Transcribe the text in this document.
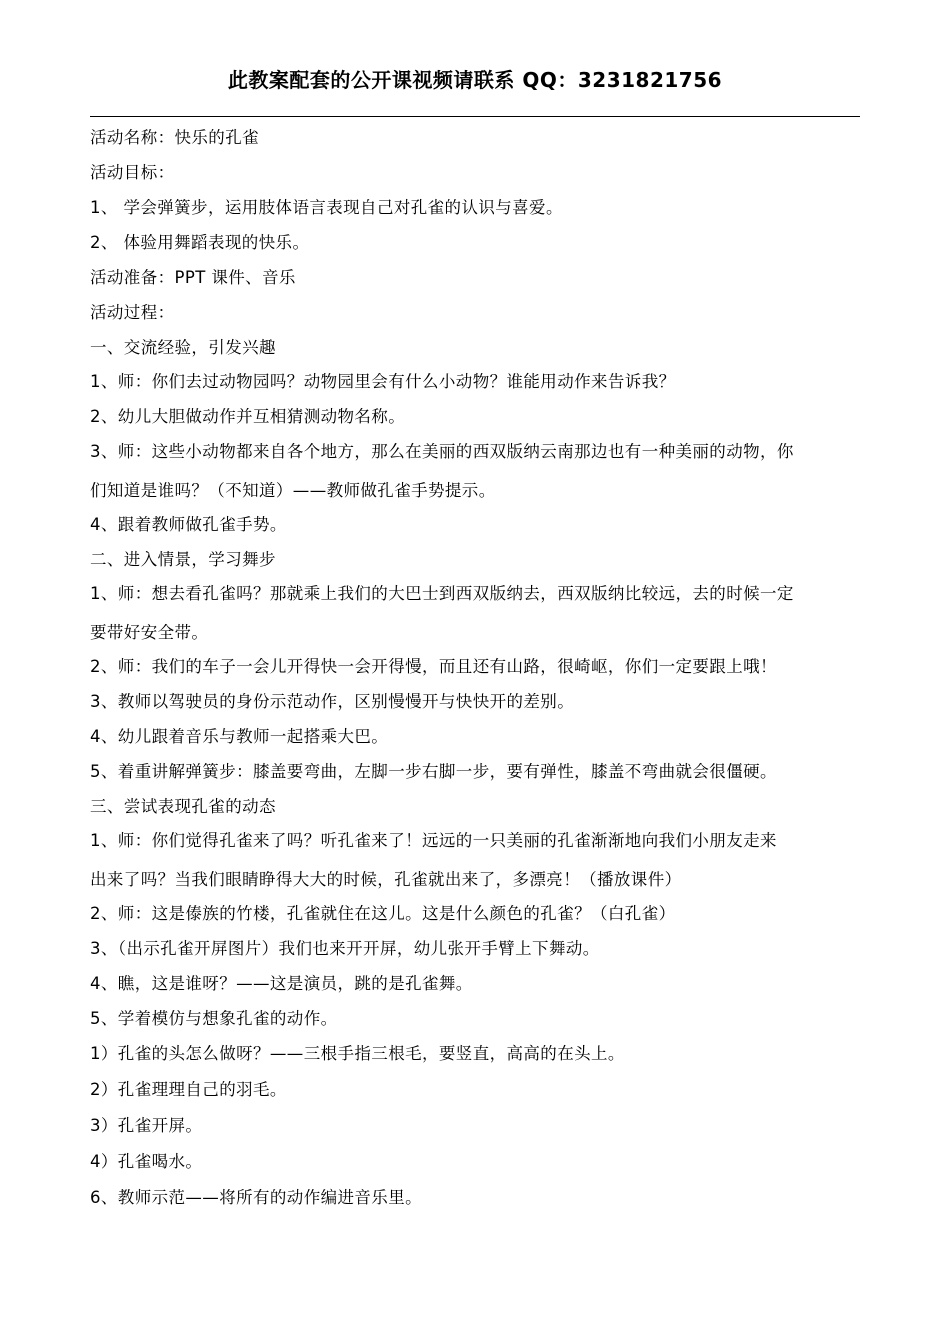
此教案配套的公开课视频请联系 QQ：3231821756
活动名称：快乐的孔雀
活动目标：
1、 学会弹簧步，运用肢体语言表现自己对孔雀的认识与喜爱。
2、 体验用舞蹈表现的快乐。
活动准备：PPT 课件、音乐
活动过程：
一、交流经验，引发兴趣
1、师：你们去过动物园吗？动物园里会有什么小动物？谁能用动作来告诉我？
2、幼儿大胆做动作并互相猜测动物名称。
3、师：这些小动物都来自各个地方，那么在美丽的西双版纳云南那边也有一种美丽的动物，你
们知道是谁吗？（不知道）——教师做孔雀手势提示。
4、跟着教师做孔雀手势。
二、进入情景，学习舞步
1、师：想去看孔雀吗？那就乘上我们的大巴士到西双版纳去，西双版纳比较远，去的时候一定
要带好安全带。
2、师：我们的车子一会儿开得快一会开得慢，而且还有山路，很崎岖，你们一定要跟上哦！
3、教师以驾驶员的身份示范动作，区别慢慢开与快快开的差别。
4、幼儿跟着音乐与教师一起搭乘大巴。
5、着重讲解弹簧步：膝盖要弯曲，左脚一步右脚一步，要有弹性，膝盖不弯曲就会很僵硬。
三、尝试表现孔雀的动态
1、师：你们觉得孔雀来了吗？听孔雀来了！远远的一只美丽的孔雀渐渐地向我们小朋友走来
出来了吗？当我们眼睛睁得大大的时候，孔雀就出来了，多漂亮！（播放课件）
2、师：这是傣族的竹楼，孔雀就住在这儿。这是什么颜色的孔雀？（白孔雀）
3、（出示孔雀开屏图片）我们也来开开屏，幼儿张开手臂上下舞动。
4、瞧，这是谁呀？——这是演员，跳的是孔雀舞。
5、学着模仿与想象孔雀的动作。
1）孔雀的头怎么做呀？——三根手指三根毛，要竖直，高高的在头上。
2）孔雀理理自己的羽毛。
3）孔雀开屏。
4）孔雀喝水。
6、教师示范——将所有的动作编进音乐里。
